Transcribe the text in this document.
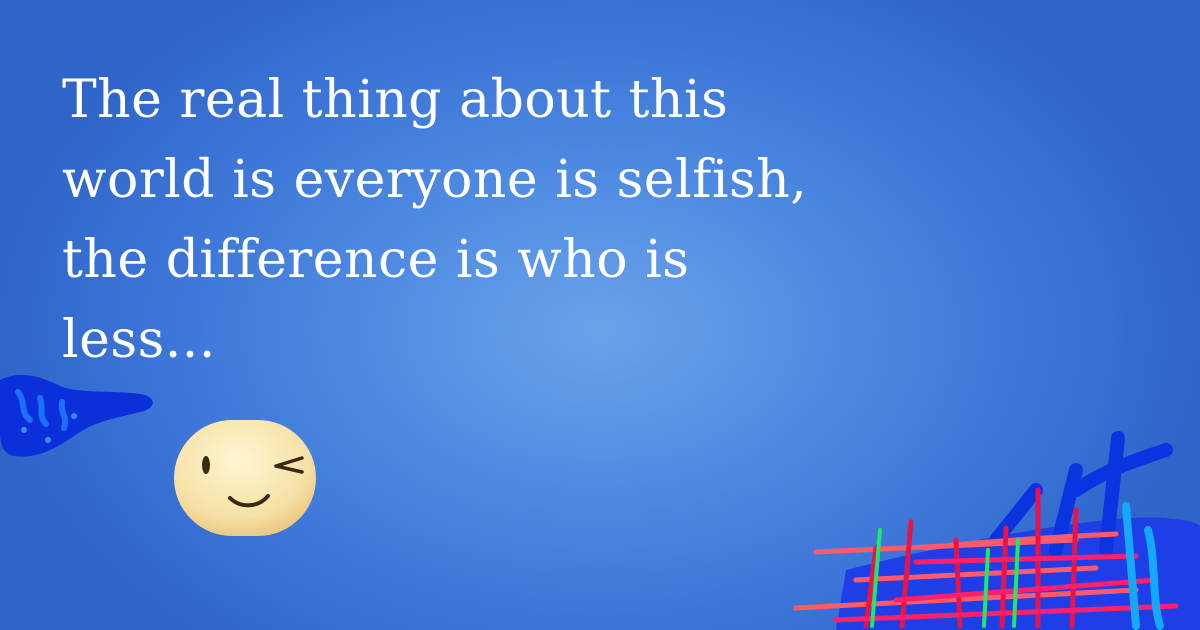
The real thing about this
world is everyone is selfish,
the difference is who is
less...
